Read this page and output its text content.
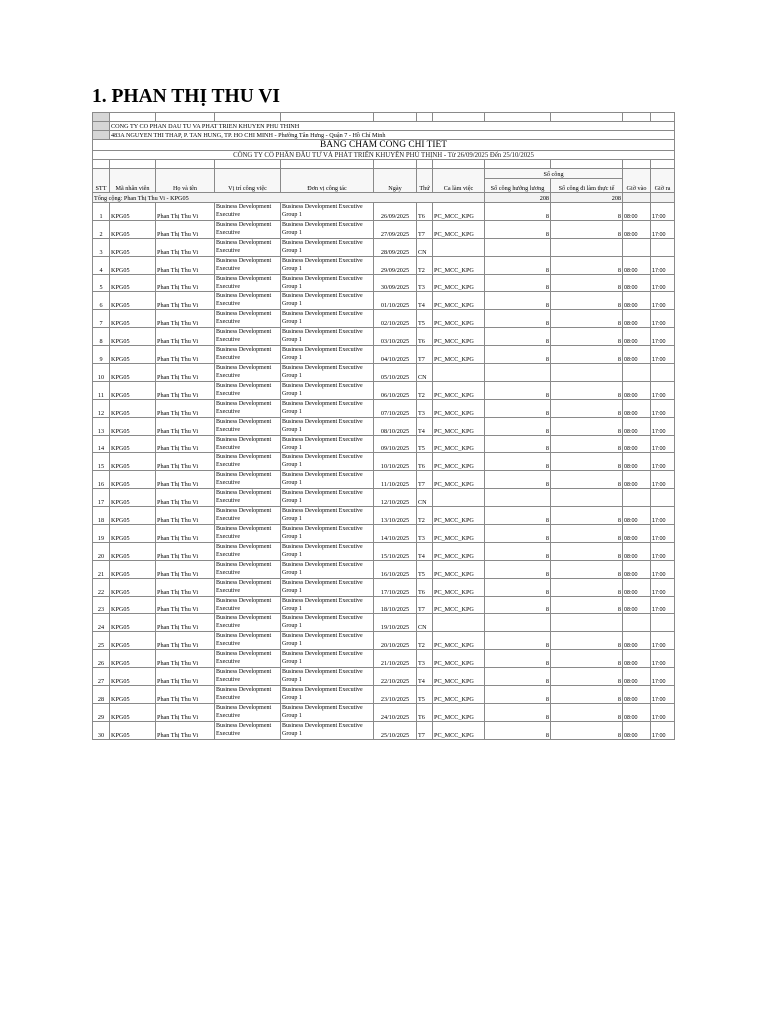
1. PHAN THỊ THU VI

	CONG TY CO PHAN DAU TU VA PHAT TRIEN KHUYEN PHU THINH										
	483A NGUYEN THI THAP, P. TAN HUNG, TP. HO CHI MINH - Phường Tân Hưng - Quận 7 - Hồ Chí Minh										
BẢNG CHẤM CÔNG CHI TIẾT											
CÔNG TY CỔ PHẦN ĐẦU TƯ VÀ PHÁT TRIỂN KHUYẾN PHÚ THỊNH - Từ 26/09/2025 Đến 25/10/2025											

STT	Mã nhân viên	Họ và tên	Vị trí công việc	Đơn vị công tác	Ngày	Thứ	Ca làm việc	Số công		Giờ vào	Giờ ra
								Số công hưởng lương	Số công đi làm thực tế		
Tổng cộng: Phan Thị Thu Vi - KPG05								208	208		
1	KPG05	Phan Thị Thu Vi	Business Development Executive	Business Development Executive Group 1	26/09/2025	T6	PC_MCC_KPG	8	8	08:00	17:00
2	KPG05	Phan Thị Thu Vi	Business Development Executive	Business Development Executive Group 1	27/09/2025	T7	PC_MCC_KPG	8	8	08:00	17:00
3	KPG05	Phan Thị Thu Vi	Business Development Executive	Business Development Executive Group 1	28/09/2025	CN					
4	KPG05	Phan Thị Thu Vi	Business Development Executive	Business Development Executive Group 1	29/09/2025	T2	PC_MCC_KPG	8	8	08:00	17:00
5	KPG05	Phan Thị Thu Vi	Business Development Executive	Business Development Executive Group 1	30/09/2025	T3	PC_MCC_KPG	8	8	08:00	17:00
6	KPG05	Phan Thị Thu Vi	Business Development Executive	Business Development Executive Group 1	01/10/2025	T4	PC_MCC_KPG	8	8	08:00	17:00
7	KPG05	Phan Thị Thu Vi	Business Development Executive	Business Development Executive Group 1	02/10/2025	T5	PC_MCC_KPG	8	8	08:00	17:00
8	KPG05	Phan Thị Thu Vi	Business Development Executive	Business Development Executive Group 1	03/10/2025	T6	PC_MCC_KPG	8	8	08:00	17:00
9	KPG05	Phan Thị Thu Vi	Business Development Executive	Business Development Executive Group 1	04/10/2025	T7	PC_MCC_KPG	8	8	08:00	17:00
10	KPG05	Phan Thị Thu Vi	Business Development Executive	Business Development Executive Group 1	05/10/2025	CN					
11	KPG05	Phan Thị Thu Vi	Business Development Executive	Business Development Executive Group 1	06/10/2025	T2	PC_MCC_KPG	8	8	08:00	17:00
12	KPG05	Phan Thị Thu Vi	Business Development Executive	Business Development Executive Group 1	07/10/2025	T3	PC_MCC_KPG	8	8	08:00	17:00
13	KPG05	Phan Thị Thu Vi	Business Development Executive	Business Development Executive Group 1	08/10/2025	T4	PC_MCC_KPG	8	8	08:00	17:00
14	KPG05	Phan Thị Thu Vi	Business Development Executive	Business Development Executive Group 1	09/10/2025	T5	PC_MCC_KPG	8	8	08:00	17:00
15	KPG05	Phan Thị Thu Vi	Business Development Executive	Business Development Executive Group 1	10/10/2025	T6	PC_MCC_KPG	8	8	08:00	17:00
16	KPG05	Phan Thị Thu Vi	Business Development Executive	Business Development Executive Group 1	11/10/2025	T7	PC_MCC_KPG	8	8	08:00	17:00
17	KPG05	Phan Thị Thu Vi	Business Development Executive	Business Development Executive Group 1	12/10/2025	CN					
18	KPG05	Phan Thị Thu Vi	Business Development Executive	Business Development Executive Group 1	13/10/2025	T2	PC_MCC_KPG	8	8	08:00	17:00
19	KPG05	Phan Thị Thu Vi	Business Development Executive	Business Development Executive Group 1	14/10/2025	T3	PC_MCC_KPG	8	8	08:00	17:00
20	KPG05	Phan Thị Thu Vi	Business Development Executive	Business Development Executive Group 1	15/10/2025	T4	PC_MCC_KPG	8	8	08:00	17:00
21	KPG05	Phan Thị Thu Vi	Business Development Executive	Business Development Executive Group 1	16/10/2025	T5	PC_MCC_KPG	8	8	08:00	17:00
22	KPG05	Phan Thị Thu Vi	Business Development Executive	Business Development Executive Group 1	17/10/2025	T6	PC_MCC_KPG	8	8	08:00	17:00
23	KPG05	Phan Thị Thu Vi	Business Development Executive	Business Development Executive Group 1	18/10/2025	T7	PC_MCC_KPG	8	8	08:00	17:00
24	KPG05	Phan Thị Thu Vi	Business Development Executive	Business Development Executive Group 1	19/10/2025	CN					
25	KPG05	Phan Thị Thu Vi	Business Development Executive	Business Development Executive Group 1	20/10/2025	T2	PC_MCC_KPG	8	8	08:00	17:00
26	KPG05	Phan Thị Thu Vi	Business Development Executive	Business Development Executive Group 1	21/10/2025	T3	PC_MCC_KPG	8	8	08:00	17:00
27	KPG05	Phan Thị Thu Vi	Business Development Executive	Business Development Executive Group 1	22/10/2025	T4	PC_MCC_KPG	8	8	08:00	17:00
28	KPG05	Phan Thị Thu Vi	Business Development Executive	Business Development Executive Group 1	23/10/2025	T5	PC_MCC_KPG	8	8	08:00	17:00
29	KPG05	Phan Thị Thu Vi	Business Development Executive	Business Development Executive Group 1	24/10/2025	T6	PC_MCC_KPG	8	8	08:00	17:00
30	KPG05	Phan Thị Thu Vi	Business Development Executive	Business Development Executive Group 1	25/10/2025	T7	PC_MCC_KPG	8	8	08:00	17:00
